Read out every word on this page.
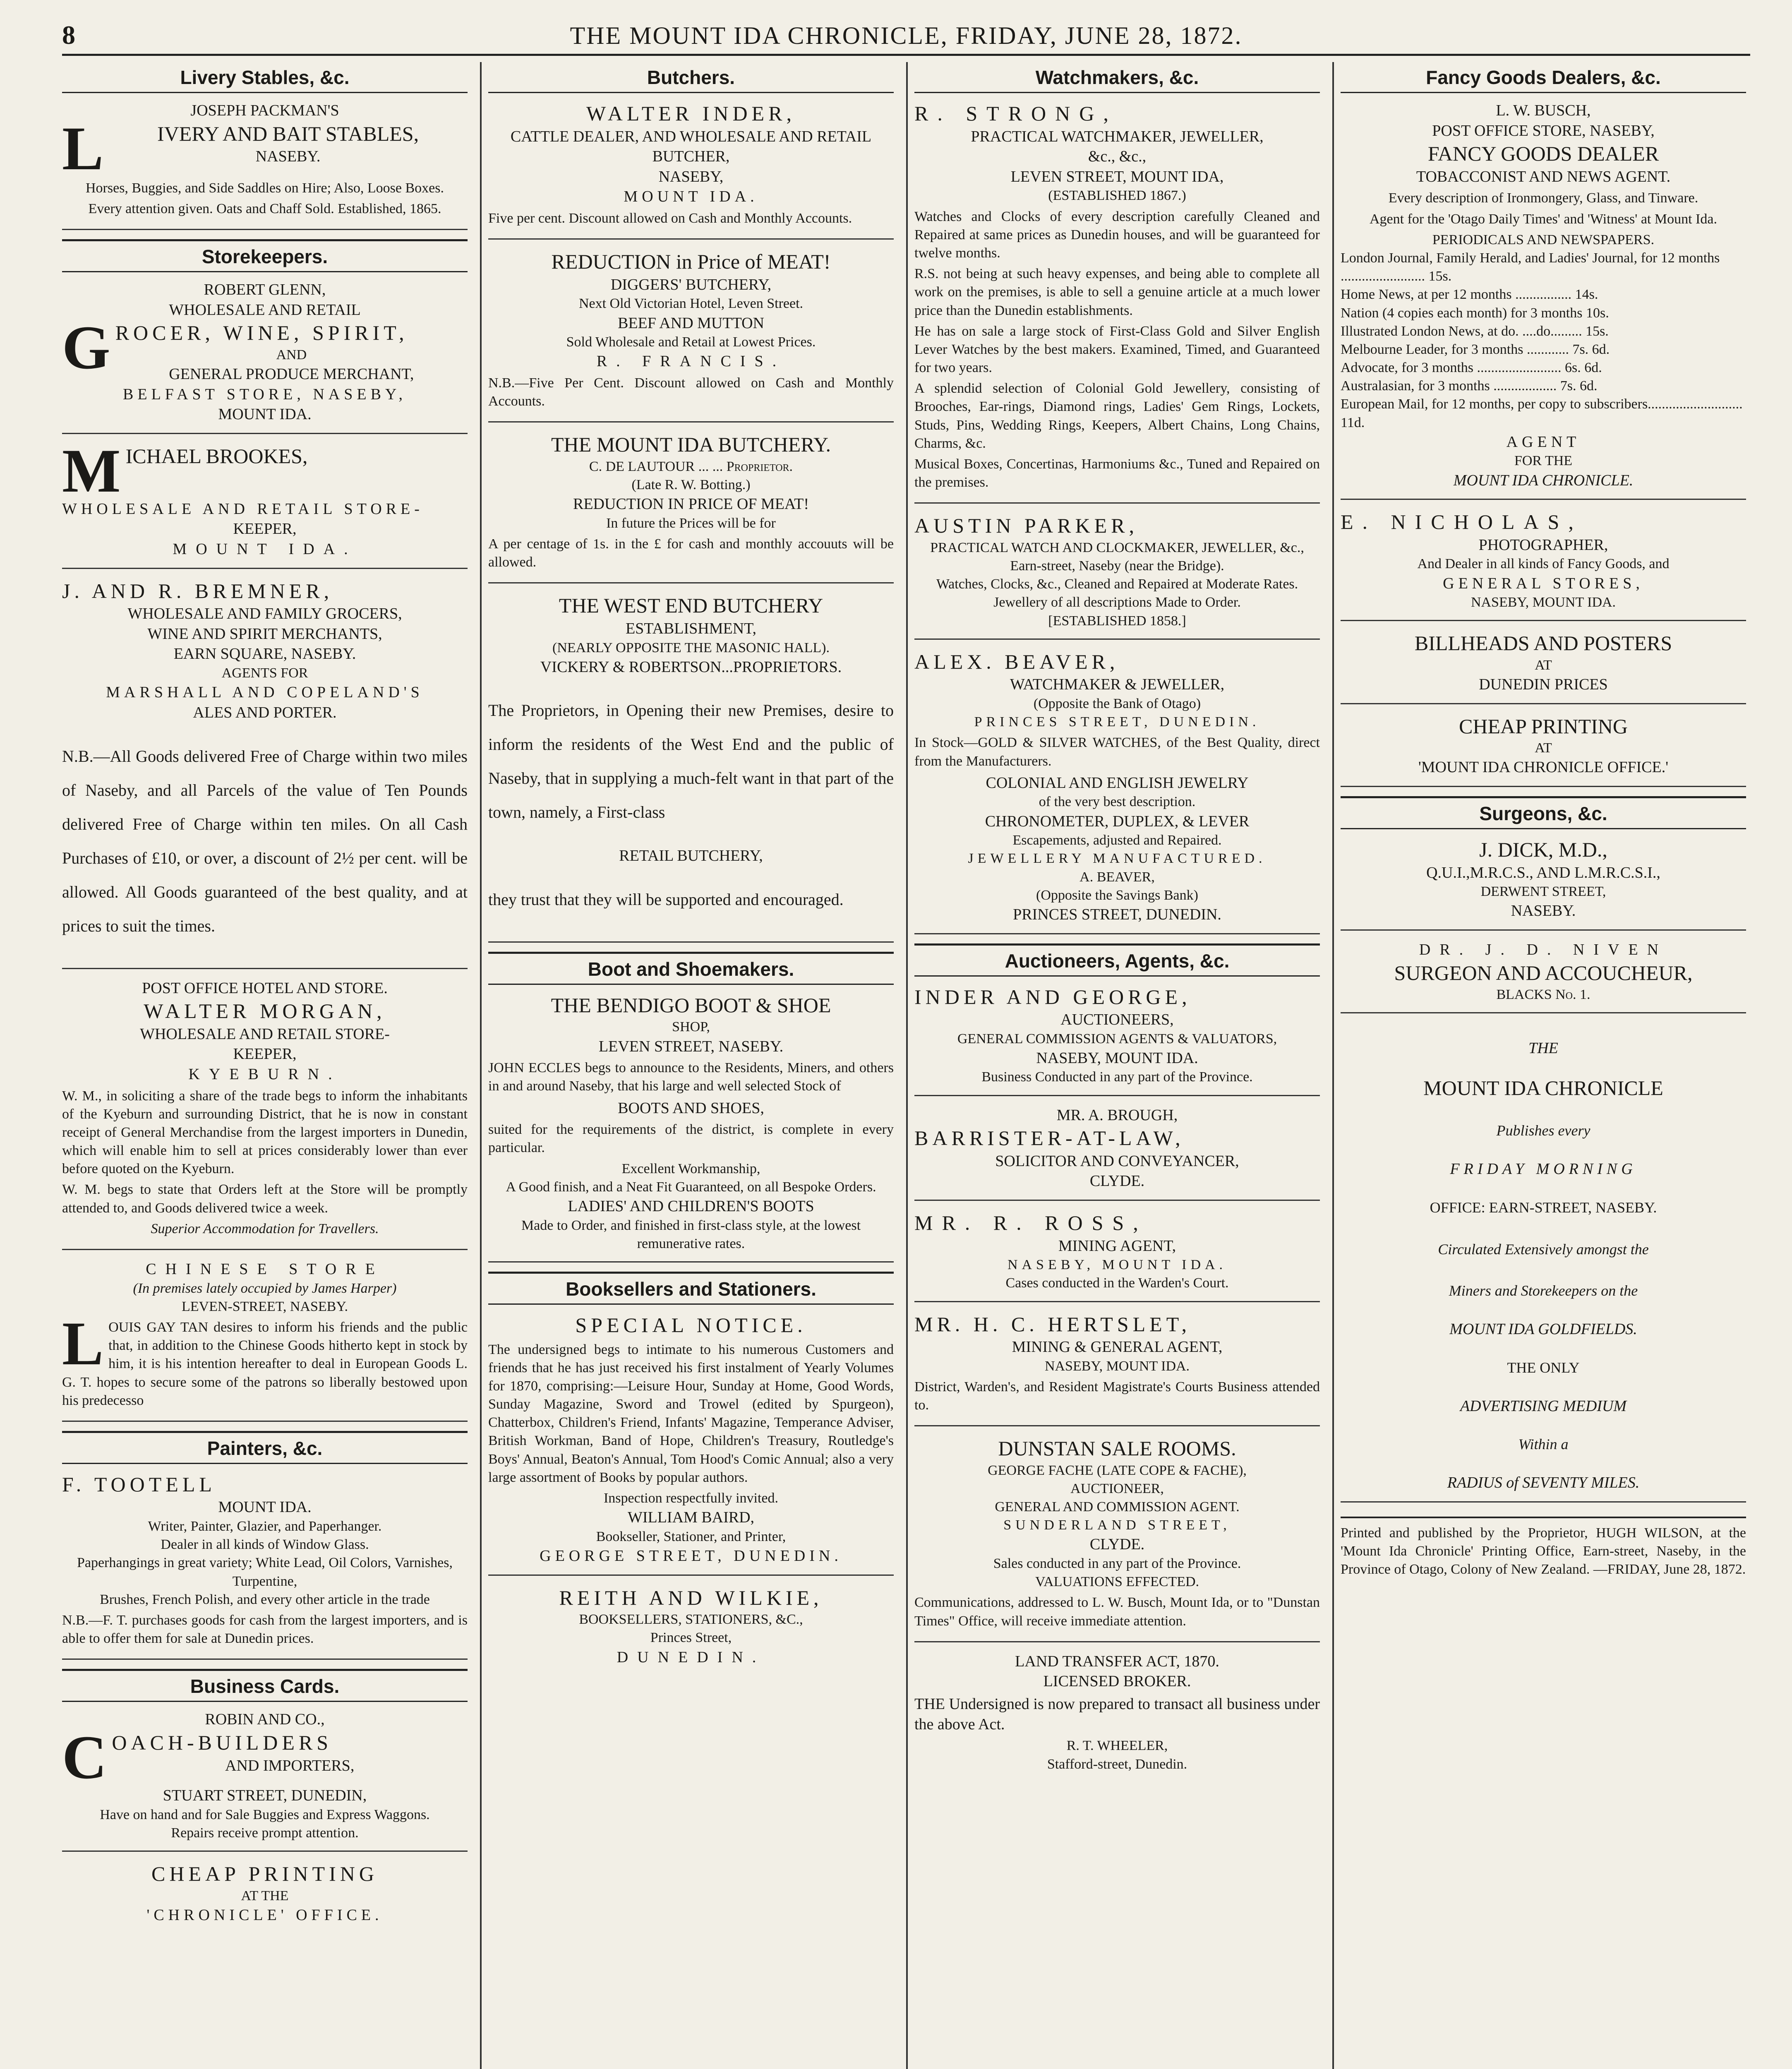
8	THE MOUNT IDA CHRONICLE, FRIDAY, JUNE 28, 1872.
Livery Stables, &c.
JOSEPH PACKMAN'S
L	IVERY AND BAIT STABLES,
NASEBY.

Horses, Buggies, and Side Saddles on Hire; Also, Loose Boxes.

Every attention given. Oats and Chaff Sold. Established, 1865.

Storekeepers.
ROBERT GLENN,
WHOLESALE AND RETAIL
G ROCER, WINE, SPIRIT,
AND
GENERAL PRODUCE MERCHANT,
BELFAST STORE, NASEBY,
MOUNT IDA.
M ICHAEL BROOKES,
WHOLESALE AND RETAIL STORE-
KEEPER,
MOUNT IDA.
J. AND R. BREMNER,
WHOLESALE AND FAMILY GROCERS,
WINE AND SPIRIT MERCHANTS,
EARN SQUARE, NASEBY.
AGENTS FOR
MARSHALL AND COPELAND'S
ALES AND PORTER.

N.B.—All Goods delivered Free of Charge within two miles of Naseby, and all Parcels of the value of Ten Pounds delivered Free of Charge within ten miles. On all Cash Purchases of £10, or over, a discount of 2½ per cent. will be allowed. All Goods guaranteed of the best quality, and at prices to suit the times.

POST OFFICE HOTEL AND STORE.
WALTER MORGAN,
WHOLESALE AND RETAIL STORE-
KEEPER,
KYEBURN.

W. M., in soliciting a share of the trade begs to inform the inhabitants of the Kyeburn and surrounding District, that he is now in constant receipt of General Merchandise from the largest importers in Dunedin, which will enable him to sell at prices considerably lower than ever before quoted on the Kyeburn.

W. M. begs to state that Orders left at the Store will be promptly attended to, and Goods delivered twice a week.

Superior Accommodation for Travellers.

CHINESE STORE
(In premises lately occupied by James Harper)
LEVEN-STREET, NASEBY.
L OUIS GAY TAN desires to inform his friends and the public that, in addition to the Chinese Goods hitherto kept in stock by him, it is his intention hereafter to deal in European Goods L. G. T. hopes to secure some of the patrons so liberally bestowed upon his predecesso

Painters, &c.
F. TOOTELL
MOUNT IDA.
Writer, Painter, Glazier, and Paperhanger.
Dealer in all kinds of Window Glass.
Paperhangings in great variety; White Lead, Oil Colors, Varnishes, Turpentine,
Brushes, French Polish, and every other article in the trade

N.B.—F. T. purchases goods for cash from the largest importers, and is able to offer them for sale at Dunedin prices.

Business Cards.
ROBIN AND CO.,
C OACH-BUILDERS
AND IMPORTERS,
STUART STREET, DUNEDIN,
Have on hand and for Sale Buggies and Express Waggons.
Repairs receive prompt attention.
CHEAP PRINTING
AT THE
'CHRONICLE' OFFICE.
Butchers.
WALTER INDER,
CATTLE DEALER, AND WHOLESALE AND RETAIL BUTCHER,
NASEBY,
MOUNT IDA.

Five per cent. Discount allowed on Cash and Monthly Accounts.

REDUCTION in Price of MEAT!
DIGGERS' BUTCHERY,
Next Old Victorian Hotel, Leven Street.
BEEF AND MUTTON
Sold Wholesale and Retail at Lowest Prices.
R. FRANCIS.

N.B.—Five Per Cent. Discount allowed on Cash and Monthly Accounts.

THE MOUNT IDA BUTCHERY.
C. DE LAUTOUR ... ... Proprietor.
(Late R. W. Botting.)
REDUCTION IN PRICE OF MEAT!
In future the Prices will be for

A per centage of 1s. in the £ for cash and monthly accouuts will be allowed.

THE WEST END BUTCHERY
ESTABLISHMENT,
(NEARLY OPPOSITE THE MASONIC HALL).
VICKERY & ROBERTSON...PROPRIETORS.

The Proprietors, in Opening their new Premises, desire to inform the residents of the West End and the public of Naseby, that in supplying a much-felt want in that part of the town, namely, a First-class

RETAIL BUTCHERY,

they trust that they will be supported and encouraged.

Boot and Shoemakers.
THE BENDIGO BOOT & SHOE
SHOP,
LEVEN STREET, NASEBY.

JOHN ECCLES begs to announce to the Residents, Miners, and others in and around Naseby, that his large and well selected Stock of

BOOTS AND SHOES,

suited for the requirements of the district, is complete in every particular.

Excellent Workmanship,
A Good finish, and a Neat Fit Guaranteed, on all Bespoke Orders.
LADIES' AND CHILDREN'S BOOTS
Made to Order, and finished in first-class style, at the lowest remunerative rates.
Booksellers and Stationers.
SPECIAL NOTICE.

The undersigned begs to intimate to his numerous Customers and friends that he has just received his first instalment of Yearly Volumes for 1870, comprising:—Leisure Hour, Sunday at Home, Good Words, Sunday Magazine, Sword and Trowel (edited by Spurgeon), Chatterbox, Children's Friend, Infants' Magazine, Temperance Adviser, British Workman, Band of Hope, Children's Treasury, Routledge's Boys' Annual, Beaton's Annual, Tom Hood's Comic Annual; also a very large assortment of Books by popular authors.

Inspection respectfully invited.
WILLIAM BAIRD,
Bookseller, Stationer, and Printer,
GEORGE STREET, DUNEDIN.
REITH AND WILKIE,
BOOKSELLERS, STATIONERS, &C.,
Princes Street,
DUNEDIN.
Watchmakers, &c.
R. STRONG,
PRACTICAL WATCHMAKER, JEWELLER,
&c., &c.,
LEVEN STREET, MOUNT IDA,
(ESTABLISHED 1867.)

Watches and Clocks of every description carefully Cleaned and Repaired at same prices as Dunedin houses, and will be guaranteed for twelve months.

R.S. not being at such heavy expenses, and being able to complete all work on the premises, is able to sell a genuine article at a much lower price than the Dunedin establishments.

He has on sale a large stock of First-Class Gold and Silver English Lever Watches by the best makers. Examined, Timed, and Guaranteed for two years.

A splendid selection of Colonial Gold Jewellery, consisting of Brooches, Ear-rings, Diamond rings, Ladies' Gem Rings, Lockets, Studs, Pins, Wedding Rings, Keepers, Albert Chains, Long Chains, Charms, &c.

Musical Boxes, Concertinas, Harmoniums &c., Tuned and Repaired on the premises.

AUSTIN PARKER,
PRACTICAL WATCH AND CLOCKMAKER, JEWELLER, &c.,
Earn-street, Naseby (near the Bridge).
Watches, Clocks, &c., Cleaned and Repaired at Moderate Rates.
Jewellery of all descriptions Made to Order.
[ESTABLISHED 1858.]
ALEX. BEAVER,
WATCHMAKER & JEWELLER,
(Opposite the Bank of Otago)
PRINCES STREET, DUNEDIN.

In Stock—GOLD & SILVER WATCHES, of the Best Quality, direct from the Manufacturers.

COLONIAL AND ENGLISH JEWELRY
of the very best description.
CHRONOMETER, DUPLEX, & LEVER
Escapements, adjusted and Repaired.
JEWELLERY MANUFACTURED.
A. BEAVER,
(Opposite the Savings Bank)
PRINCES STREET, DUNEDIN.
Auctioneers, Agents, &c.
INDER AND GEORGE,
AUCTIONEERS,
GENERAL COMMISSION AGENTS & VALUATORS,
NASEBY, MOUNT IDA.
Business Conducted in any part of the Province.
MR. A. BROUGH,
BARRISTER-AT-LAW,
SOLICITOR AND CONVEYANCER,
CLYDE.
MR. R. ROSS,
MINING AGENT,
NASEBY, MOUNT IDA.
Cases conducted in the Warden's Court.
MR. H. C. HERTSLET,
MINING & GENERAL AGENT,
NASEBY, MOUNT IDA.

District, Warden's, and Resident Magistrate's Courts Business attended to.

DUNSTAN SALE ROOMS.
GEORGE FACHE (LATE COPE & FACHE),
AUCTIONEER,
GENERAL AND COMMISSION AGENT.
SUNDERLAND STREET,
CLYDE.
Sales conducted in any part of the Province.
VALUATIONS EFFECTED.

Communications, addressed to L. W. Busch, Mount Ida, or to "Dunstan Times" Office, will receive immediate attention.

LAND TRANSFER ACT, 1870.
LICENSED BROKER.

THE Undersigned is now prepared to transact all business under the above Act.

R. T. WHEELER,
Stafford-street, Dunedin.
Fancy Goods Dealers, &c.
L. W. BUSCH,
POST OFFICE STORE, NASEBY,
FANCY GOODS DEALER
TOBACCONIST AND NEWS AGENT.

Every description of Ironmongery, Glass, and Tinware.

Agent for the 'Otago Daily Times' and 'Witness' at Mount Ida.

PERIODICALS AND NEWSPAPERS.
London Journal, Family Herald, and Ladies' Journal, for 12 months ........................ 15s.
Home News, at per 12 months ................ 14s.
Nation (4 copies each month) for 3 months 10s.
Illustrated London News, at do. ....do......... 15s.
Melbourne Leader, for 3 months ............ 7s. 6d.
Advocate, for 3 months ........................ 6s. 6d.
Australasian, for 3 months .................. 7s. 6d.
European Mail, for 12 months, per copy to subscribers........................... 11d.
AGENT
FOR THE
MOUNT IDA CHRONICLE.
E. NICHOLAS,
PHOTOGRAPHER,
And Dealer in all kinds of Fancy Goods, and
GENERAL STORES,
NASEBY, MOUNT IDA.
BILLHEADS AND POSTERS
AT
DUNEDIN PRICES
CHEAP PRINTING
AT
'MOUNT IDA CHRONICLE OFFICE.'
Surgeons, &c.
J. DICK, M.D.,
Q.U.I.,M.R.C.S., AND L.M.R.C.S.I.,
DERWENT STREET,
NASEBY.
DR. J. D. NIVEN
SURGEON AND ACCOUCHEUR,
BLACKS No. 1.
THE
MOUNT IDA CHRONICLE
Publishes every
FRIDAY MORNING
OFFICE: EARN-STREET, NASEBY.
Circulated Extensively amongst the
Miners and Storekeepers on the
MOUNT IDA GOLDFIELDS.
THE ONLY
ADVERTISING MEDIUM
Within a
RADIUS of SEVENTY MILES.

Printed and published by the Proprietor, HUGH WILSON, at the 'Mount Ida Chronicle' Printing Office, Earn-street, Naseby, in the Province of Otago, Colony of New Zealand. —FRIDAY, June 28, 1872.
